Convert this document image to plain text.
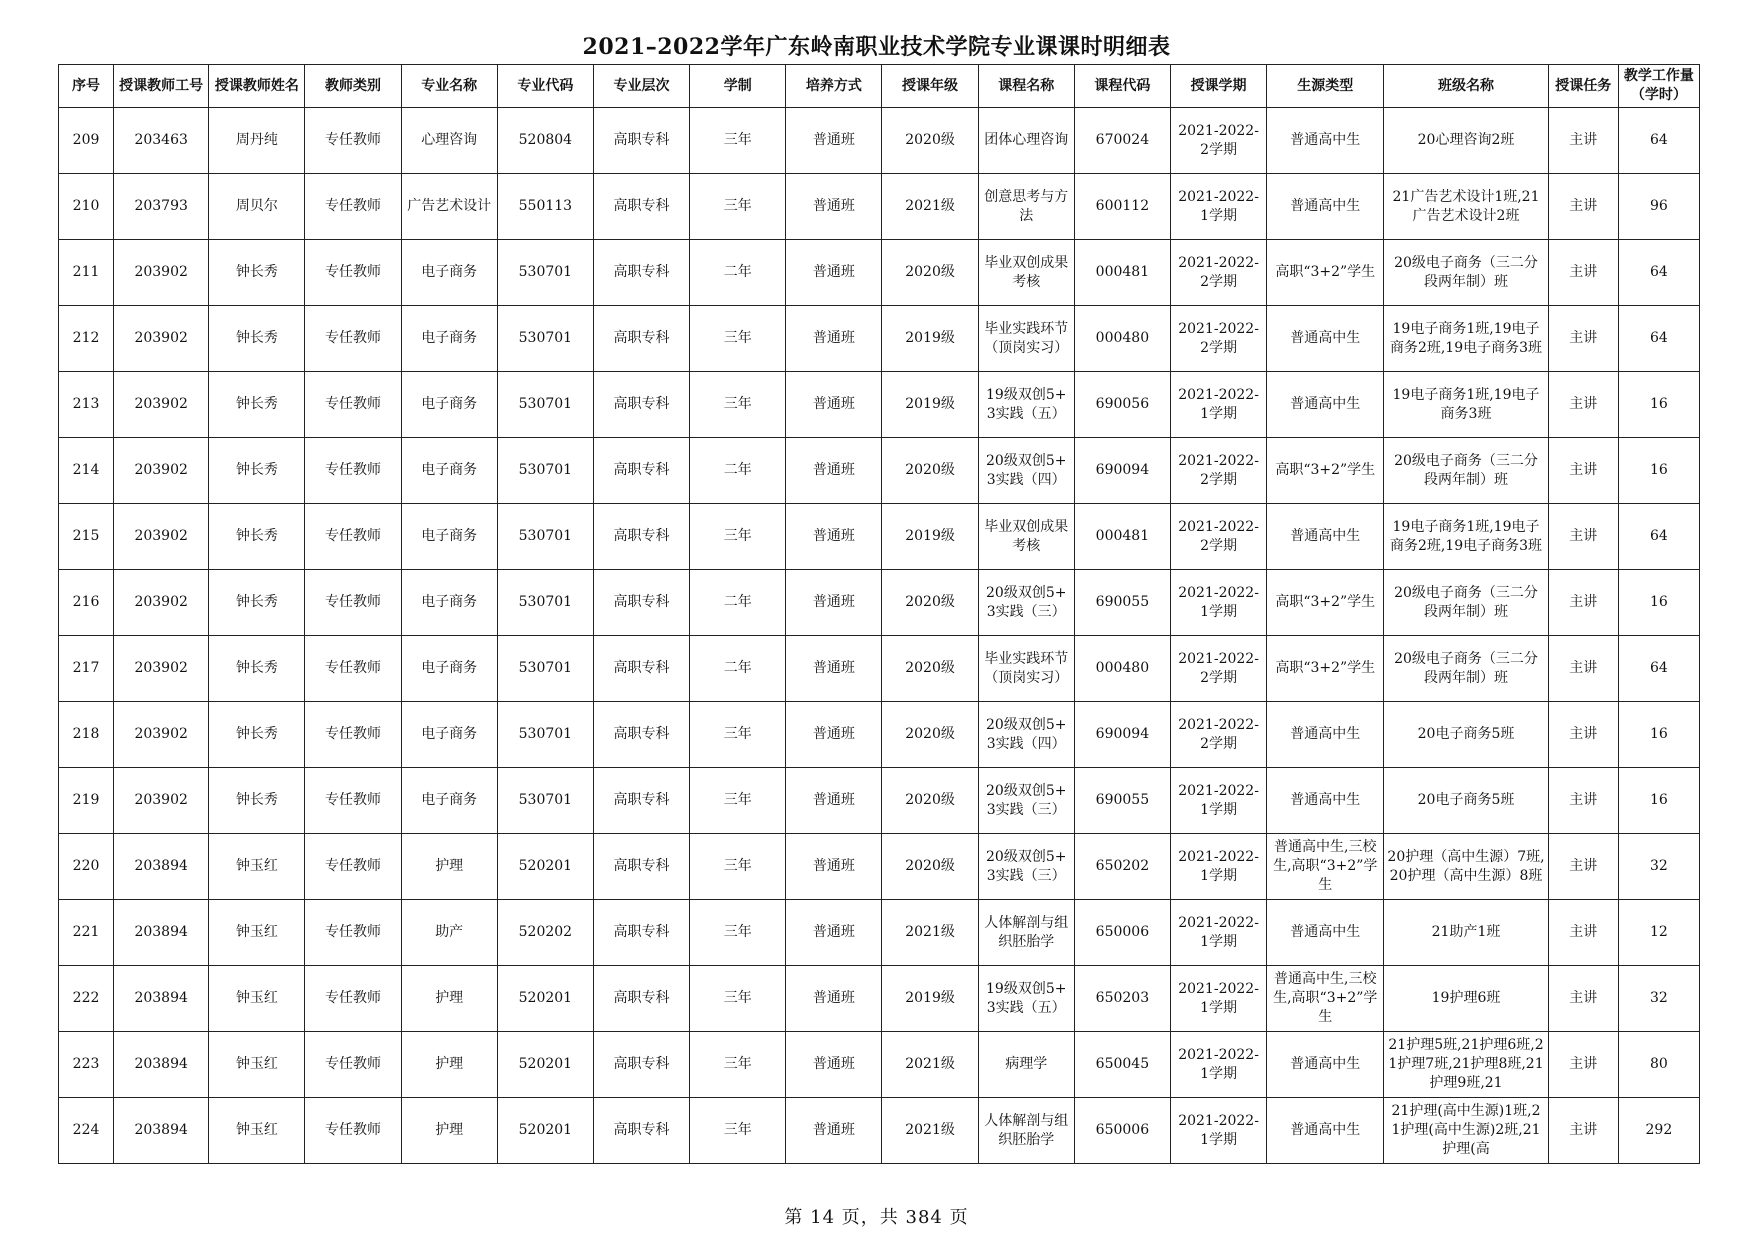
2021–2022学年广东岭南职业技术学院专业课课时明细表
序号	授课教师工号	授课教师姓名	教师类别	专业名称	专业代码	专业层次	学制	培养方式	授课年级	课程名称	课程代码	授课学期	生源类型	班级名称	授课任务	教学工作量（学时）

209	203463	周丹纯	专任教师	心理咨询	520804	高职专科	三年	普通班	2020级	团体心理咨询	670024	2021-2022-2学期	普通高中生	20心理咨询2班	主讲	64

210	203793	周贝尔	专任教师	广告艺术设计	550113	高职专科	三年	普通班	2021级	创意思考与方法	600112	2021-2022-1学期	普通高中生	21广告艺术设计1班,21广告艺术设计2班	主讲	96

211	203902	钟长秀	专任教师	电子商务	530701	高职专科	二年	普通班	2020级	毕业双创成果考核	000481	2021-2022-2学期	高职“3+2”学生	20级电子商务（三二分段两年制）班	主讲	64

212	203902	钟长秀	专任教师	电子商务	530701	高职专科	三年	普通班	2019级	毕业实践环节（顶岗实习）	000480	2021-2022-2学期	普通高中生	19电子商务1班,19电子商务2班,19电子商务3班	主讲	64

213	203902	钟长秀	专任教师	电子商务	530701	高职专科	三年	普通班	2019级	19级双创5+3实践（五）	690056	2021-2022-1学期	普通高中生	19电子商务1班,19电子商务3班	主讲	16

214	203902	钟长秀	专任教师	电子商务	530701	高职专科	二年	普通班	2020级	20级双创5+3实践（四）	690094	2021-2022-2学期	高职“3+2”学生	20级电子商务（三二分段两年制）班	主讲	16

215	203902	钟长秀	专任教师	电子商务	530701	高职专科	三年	普通班	2019级	毕业双创成果考核	000481	2021-2022-2学期	普通高中生	19电子商务1班,19电子商务2班,19电子商务3班	主讲	64

216	203902	钟长秀	专任教师	电子商务	530701	高职专科	二年	普通班	2020级	20级双创5+3实践（三）	690055	2021-2022-1学期	高职“3+2”学生	20级电子商务（三二分段两年制）班	主讲	16

217	203902	钟长秀	专任教师	电子商务	530701	高职专科	二年	普通班	2020级	毕业实践环节（顶岗实习）	000480	2021-2022-2学期	高职“3+2”学生	20级电子商务（三二分段两年制）班	主讲	64

218	203902	钟长秀	专任教师	电子商务	530701	高职专科	三年	普通班	2020级	20级双创5+3实践（四）	690094	2021-2022-2学期	普通高中生	20电子商务5班	主讲	16

219	203902	钟长秀	专任教师	电子商务	530701	高职专科	三年	普通班	2020级	20级双创5+3实践（三）	690055	2021-2022-1学期	普通高中生	20电子商务5班	主讲	16

220	203894	钟玉红	专任教师	护理	520201	高职专科	三年	普通班	2020级	20级双创5+3实践（三）	650202	2021-2022-1学期	普通高中生,三校生,高职“3+2”学生	20护理（高中生源）7班,20护理（高中生源）8班	主讲	32

221	203894	钟玉红	专任教师	助产	520202	高职专科	三年	普通班	2021级	人体解剖与组织胚胎学	650006	2021-2022-1学期	普通高中生	21助产1班	主讲	12

222	203894	钟玉红	专任教师	护理	520201	高职专科	三年	普通班	2019级	19级双创5+3实践（五）	650203	2021-2022-1学期	普通高中生,三校生,高职“3+2”学生	19护理6班	主讲	32

223	203894	钟玉红	专任教师	护理	520201	高职专科	三年	普通班	2021级	病理学	650045	2021-2022-1学期	普通高中生	21护理5班,21护理6班,21护理7班,21护理8班,21护理9班,21	主讲	80

224	203894	钟玉红	专任教师	护理	520201	高职专科	三年	普通班	2021级	人体解剖与组织胚胎学	650006	2021-2022-1学期	普通高中生	21护理(高中生源)1班,21护理(高中生源)2班,21护理(高	主讲	292
第 14 页，共 384 页
